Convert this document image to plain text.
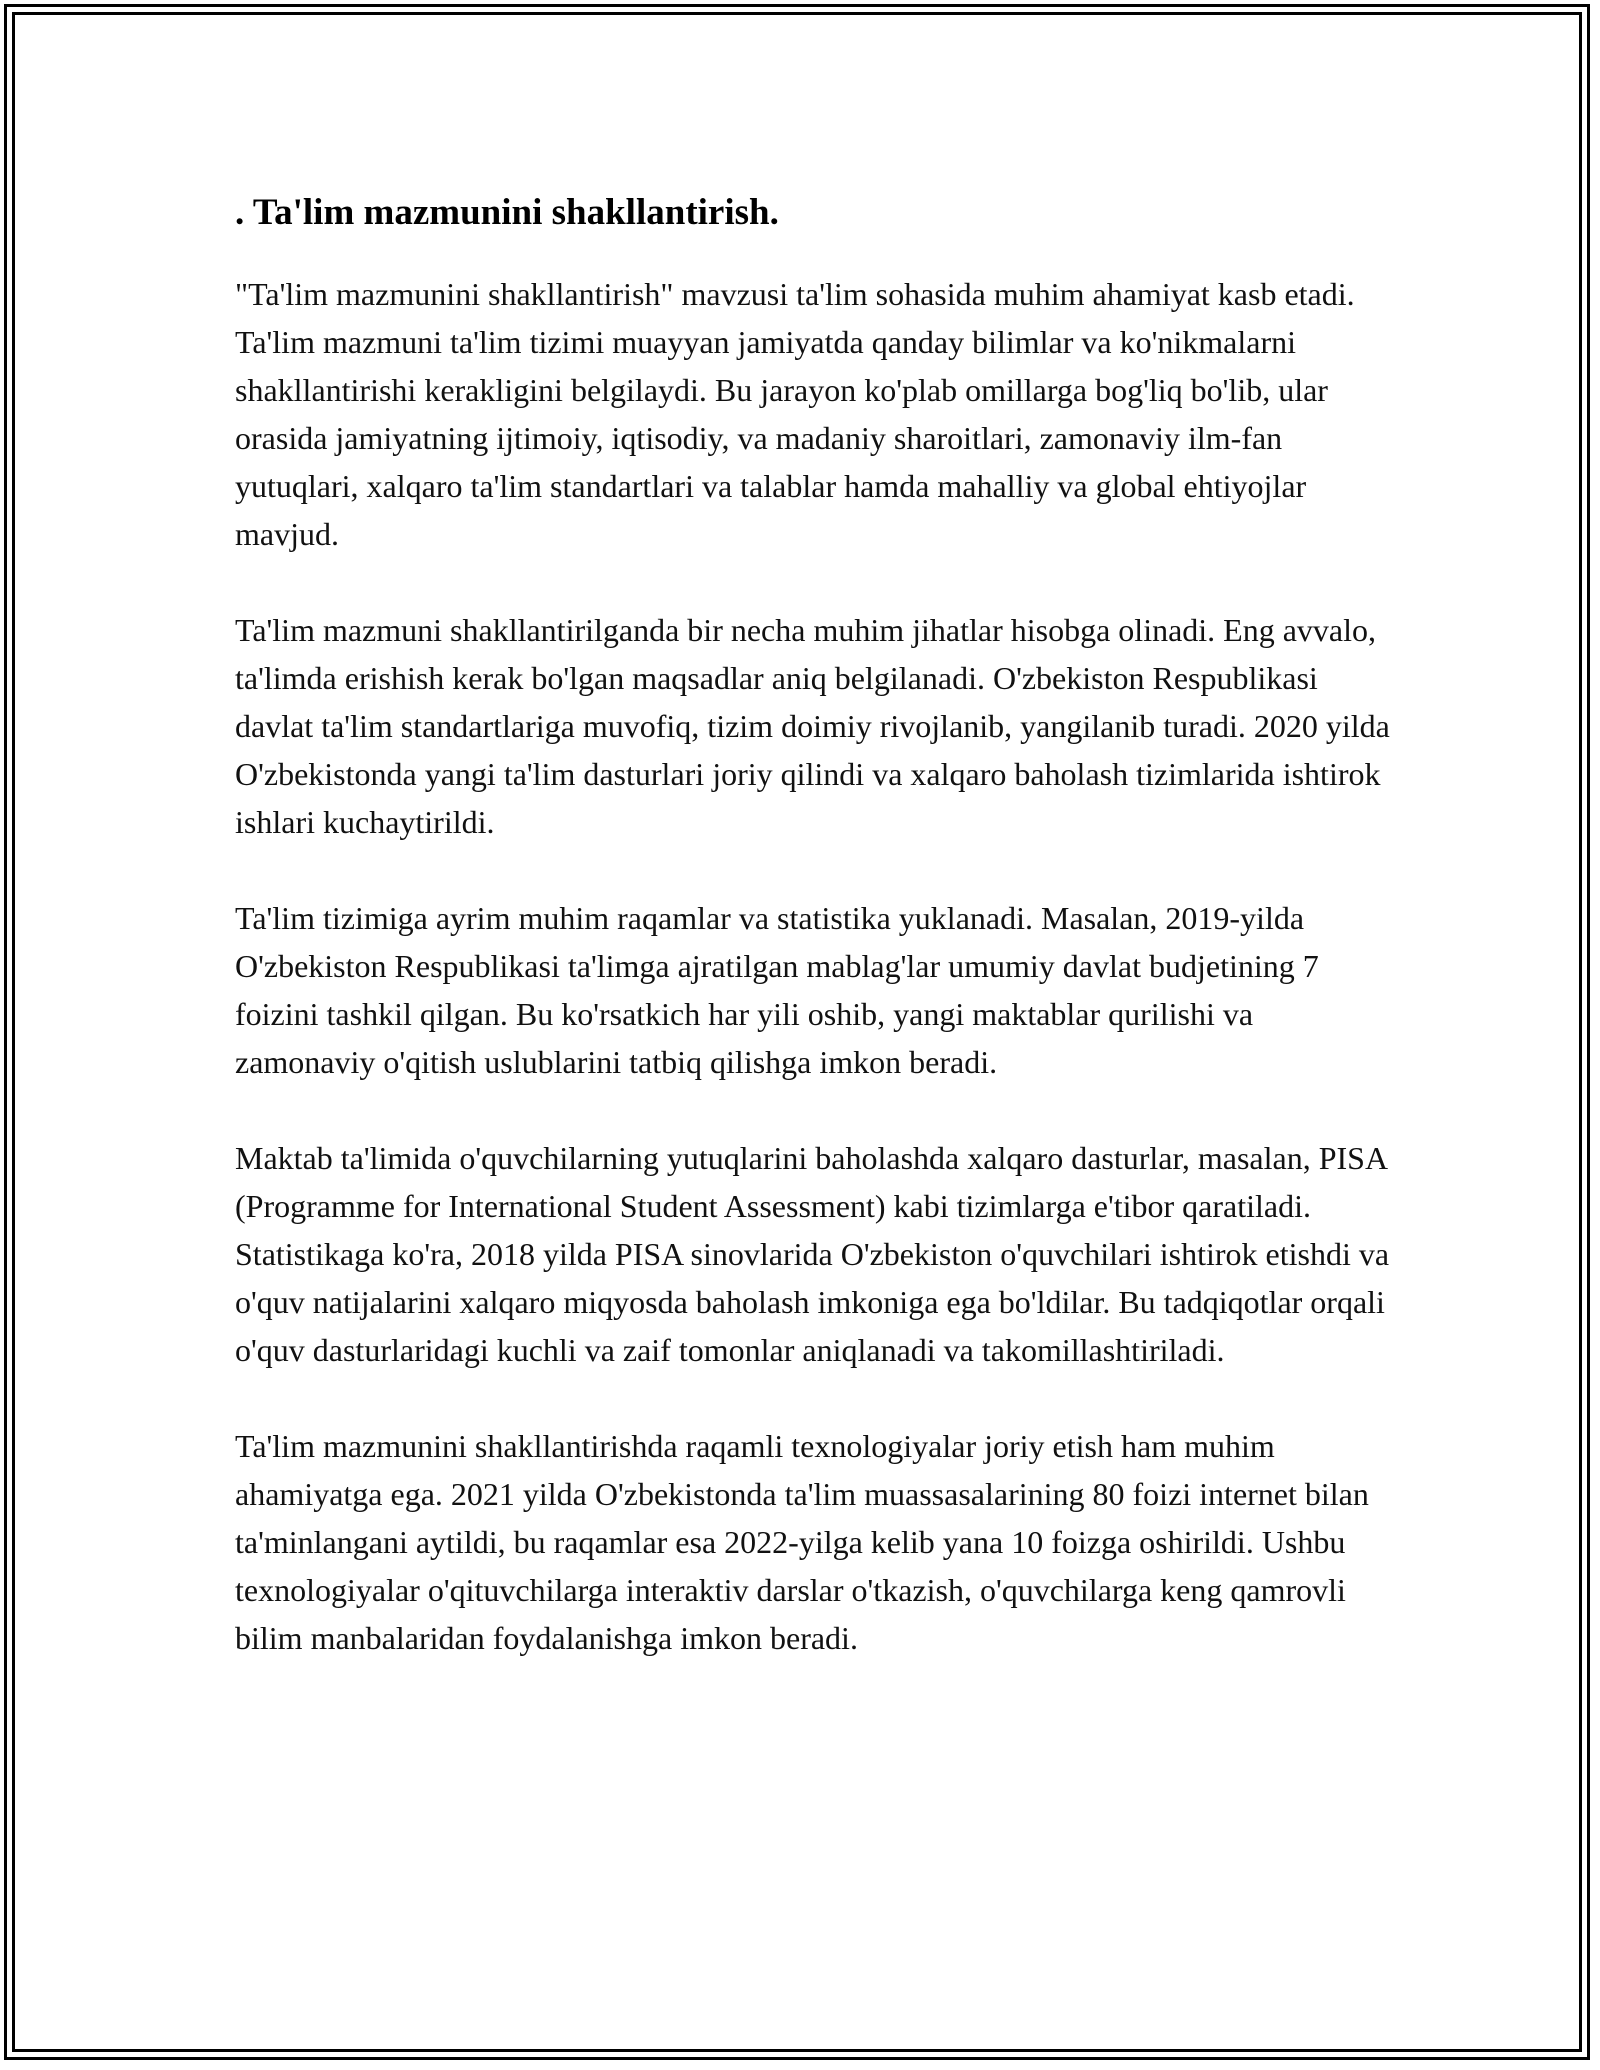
. Ta'lim mazmunini shakllantirish.

"Ta'lim mazmunini shakllantirish" mavzusi ta'lim sohasida muhim ahamiyat kasb etadi. Ta'lim mazmuni ta'lim tizimi muayyan jamiyatda qanday bilimlar va ko'nikmalarni shakllantirishi kerakligini belgilaydi. Bu jarayon ko'plab omillarga bog'liq bo'lib, ular orasida jamiyatning ijtimoiy, iqtisodiy, va madaniy sharoitlari, zamonaviy ilm-fan yutuqlari, xalqaro ta'lim standartlari va talablar hamda mahalliy va global ehtiyojlar mavjud.

Ta'lim mazmuni shakllantirilganda bir necha muhim jihatlar hisobga olinadi. Eng avvalo, ta'limda erishish kerak bo'lgan maqsadlar aniq belgilanadi. O'zbekiston Respublikasi davlat ta'lim standartlariga muvofiq, tizim doimiy rivojlanib, yangilanib turadi. 2020 yilda O'zbekistonda yangi ta'lim dasturlari joriy qilindi va xalqaro baholash tizimlarida ishtirok ishlari kuchaytirildi.

Ta'lim tizimiga ayrim muhim raqamlar va statistika yuklanadi. Masalan, 2019-yilda O'zbekiston Respublikasi ta'limga ajratilgan mablag'lar umumiy davlat budjetining 7 foizini tashkil qilgan. Bu ko'rsatkich har yili oshib, yangi maktablar qurilishi va zamonaviy o'qitish uslublarini tatbiq qilishga imkon beradi.

Maktab ta'limida o'quvchilarning yutuqlarini baholashda xalqaro dasturlar, masalan, PISA (Programme for International Student Assessment) kabi tizimlarga e'tibor qaratiladi. Statistikaga ko'ra, 2018 yilda PISA sinovlarida O'zbekiston o'quvchilari ishtirok etishdi va o'quv natijalarini xalqaro miqyosda baholash imkoniga ega bo'ldilar. Bu tadqiqotlar orqali o'quv dasturlaridagi kuchli va zaif tomonlar aniqlanadi va takomillashtiriladi.

Ta'lim mazmunini shakllantirishda raqamli texnologiyalar joriy etish ham muhim ahamiyatga ega. 2021 yilda O'zbekistonda ta'lim muassasalarining 80 foizi internet bilan ta'minlangani aytildi, bu raqamlar esa 2022-yilga kelib yana 10 foizga oshirildi. Ushbu texnologiyalar o'qituvchilarga interaktiv darslar o'tkazish, o'quvchilarga keng qamrovli bilim manbalaridan foydalanishga imkon beradi.
